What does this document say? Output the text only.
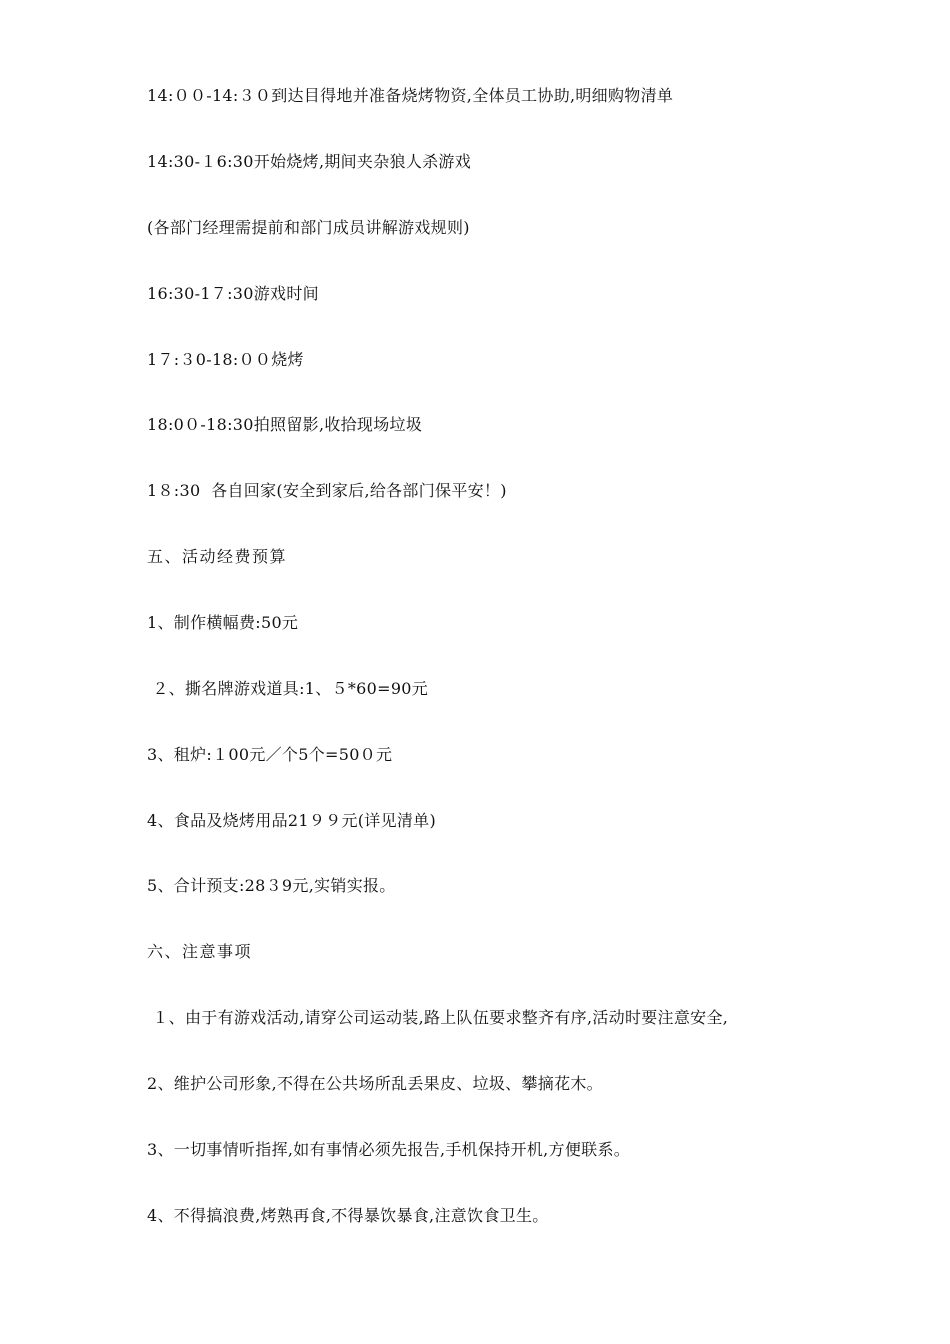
14:００-14:３０到达目得地并准备烧烤物资,全体员工协助,明细购物清单
14:30-１6:30开始烧烤,期间夹杂狼人杀游戏
(各部门经理需提前和部门成员讲解游戏规则)
16:30-1７:30游戏时间
1７:３0-18:００烧烤
18:0０-18:30拍照留影,收拾现场垃圾
1８:30  各自回家(安全到家后,给各部门保平安！)
五、活动经费预算
1、制作横幅费:50元
２、撕名牌游戏道具:1、５*60=90元
3、租炉:１00元／个5个=50０元
4、食品及烧烤用品21９９元(详见清单)
5、合计预支:28３9元,实销实报。
六、注意事项
１、由于有游戏活动,请穿公司运动装,路上队伍要求整齐有序,活动时要注意安全,
2、维护公司形象,不得在公共场所乱丢果皮、垃圾、攀摘花木。
3、一切事情听指挥,如有事情必须先报告,手机保持开机,方便联系。
4、不得搞浪费,烤熟再食,不得暴饮暴食,注意饮食卫生。
